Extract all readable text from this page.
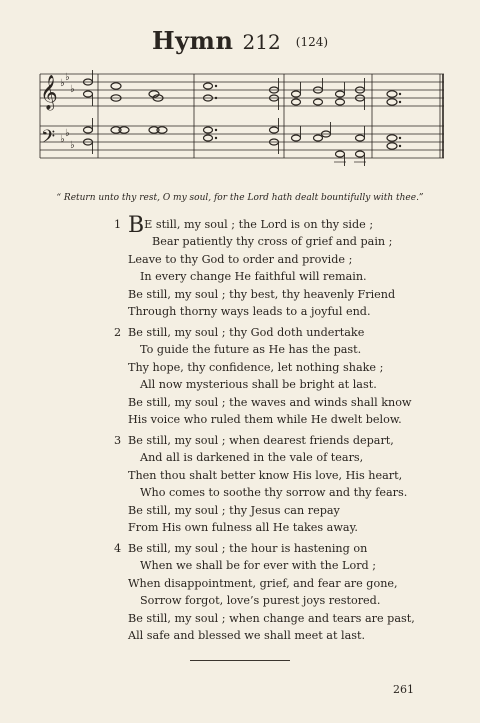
Hymn 212 (124)
𝄞
𝄢
♭
♭
♭
♭
♭
♭
“ Return unto thy rest, O my soul, for the Lord hath dealt bountifully with thee.”
1 BE still, my soul ; the Lord is on thy side ;
Bear patiently thy cross of grief and pain ;
Leave to thy God to order and provide ;
In every change He faithful will remain.
Be still, my soul ; thy best, thy heavenly Friend
Through thorny ways leads to a joyful end.
2 Be still, my soul ; thy God doth undertake
To guide the future as He has the past.
Thy hope, thy confidence, let nothing shake ;
All now mysterious shall be bright at last.
Be still, my soul ; the waves and winds shall know
His voice who ruled them while He dwelt below.
3 Be still, my soul ; when dearest friends depart,
And all is darkened in the vale of tears,
Then thou shalt better know His love, His heart,
Who comes to soothe thy sorrow and thy fears.
Be still, my soul ; thy Jesus can repay
From His own fulness all He takes away.
4 Be still, my soul ; the hour is hastening on
When we shall be for ever with the Lord ;
When disappointment, grief, and fear are gone,
Sorrow forgot, love’s purest joys restored.
Be still, my soul ; when change and tears are past,
All safe and blessed we shall meet at last.
261
